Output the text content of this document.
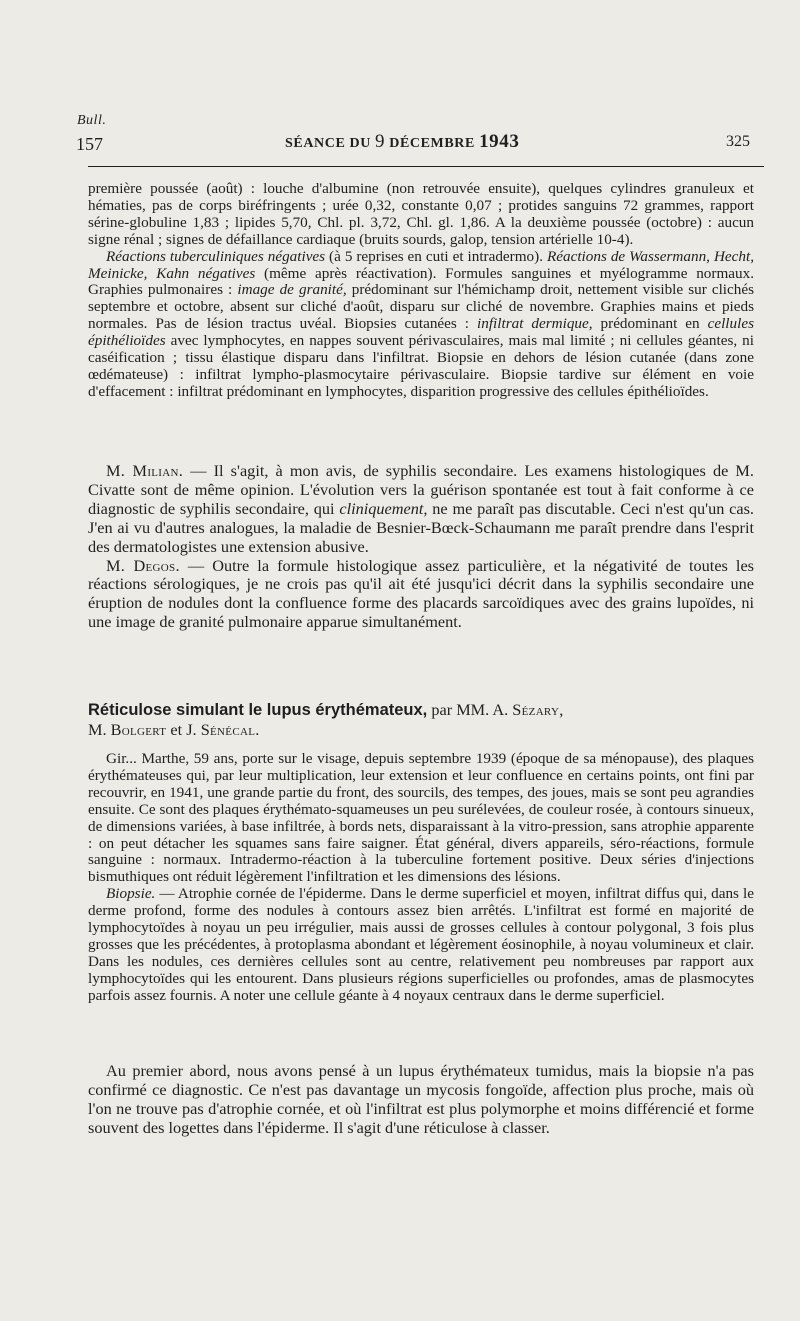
Bull.
157	SÉANCE DU 9 DÉCEMBRE 1943	325

première poussée (août) : louche d'albumine (non retrouvée ensuite), quelques cylindres granuleux et hématies, pas de corps biréfringents ; urée 0,32, constante 0,07 ; protides sanguins 72 grammes, rapport sérine-globuline 1,83 ; lipides 5,70, Chl. pl. 3,72, Chl. gl. 1,86. A la deuxième poussée (octobre) : aucun signe rénal ; signes de défaillance cardiaque (bruits sourds, galop, tension artérielle 10-4).

Réactions tuberculiniques négatives (à 5 reprises en cuti et intradermo). Réactions de Wassermann, Hecht, Meinicke, Kahn négatives (même après réactivation). Formules sanguines et myélogramme normaux. Graphies pulmonaires : image de granité, prédominant sur l'hémichamp droit, nettement visible sur clichés septembre et octobre, absent sur cliché d'août, disparu sur cliché de novembre. Graphies mains et pieds normales. Pas de lésion tractus uvéal. Biopsies cutanées : infiltrat dermique, prédominant en cellules épithélioïdes avec lymphocytes, en nappes souvent périvasculaires, mais mal limité ; ni cellules géantes, ni caséification ; tissu élastique disparu dans l'infiltrat. Biopsie en dehors de lésion cutanée (dans zone œdémateuse) : infiltrat lympho-plasmocytaire périvasculaire. Biopsie tardive sur élément en voie d'effacement : infiltrat prédominant en lymphocytes, disparition progressive des cellules épithélioïdes.

M. Milian. — Il s'agit, à mon avis, de syphilis secondaire. Les examens histologiques de M. Civatte sont de même opinion. L'évolution vers la guérison spontanée est tout à fait conforme à ce diagnostic de syphilis secondaire, qui cliniquement, ne me paraît pas discutable. Ceci n'est qu'un cas. J'en ai vu d'autres analogues, la maladie de Besnier-Bœck-Schaumann me paraît prendre dans l'esprit des dermatologistes une extension abusive.

M. Degos. — Outre la formule histologique assez particulière, et la négativité de toutes les réactions sérologiques, je ne crois pas qu'il ait été jusqu'ici décrit dans la syphilis secondaire une éruption de nodules dont la confluence forme des placards sarcoïdiques avec des grains lupoïdes, ni une image de granité pulmonaire apparue simultanément.

Réticulose simulant le lupus érythémateux, par MM. A. Sézary,
M. Bolgert et J. Sénécal.

Gir... Marthe, 59 ans, porte sur le visage, depuis septembre 1939 (époque de sa ménopause), des plaques érythémateuses qui, par leur multiplication, leur extension et leur confluence en certains points, ont fini par recouvrir, en 1941, une grande partie du front, des sourcils, des tempes, des joues, mais se sont peu agrandies ensuite. Ce sont des plaques érythémato-squameuses un peu surélevées, de couleur rosée, à contours sinueux, de dimensions variées, à base infiltrée, à bords nets, disparaissant à la vitro-pression, sans atrophie apparente : on peut détacher les squames sans faire saigner. État général, divers appareils, séro-réactions, formule sanguine : normaux. Intradermo-réaction à la tuberculine fortement positive. Deux séries d'injections bismuthiques ont réduit légèrement l'infiltration et les dimensions des lésions.

Biopsie. — Atrophie cornée de l'épiderme. Dans le derme superficiel et moyen, infiltrat diffus qui, dans le derme profond, forme des nodules à contours assez bien arrêtés. L'infiltrat est formé en majorité de lymphocytoïdes à noyau un peu irrégulier, mais aussi de grosses cellules à contour polygonal, 3 fois plus grosses que les précédentes, à protoplasma abondant et légèrement éosinophile, à noyau volumineux et clair. Dans les nodules, ces dernières cellules sont au centre, relativement peu nombreuses par rapport aux lymphocytoïdes qui les entourent. Dans plusieurs régions superficielles ou profondes, amas de plasmocytes parfois assez fournis. A noter une cellule géante à 4 noyaux centraux dans le derme superficiel.

Au premier abord, nous avons pensé à un lupus érythémateux tumidus, mais la biopsie n'a pas confirmé ce diagnostic. Ce n'est pas davantage un mycosis fongoïde, affection plus proche, mais où l'on ne trouve pas d'atrophie cornée, et où l'infiltrat est plus polymorphe et moins différencié et forme souvent des logettes dans l'épiderme. Il s'agit d'une réticulose à classer.
